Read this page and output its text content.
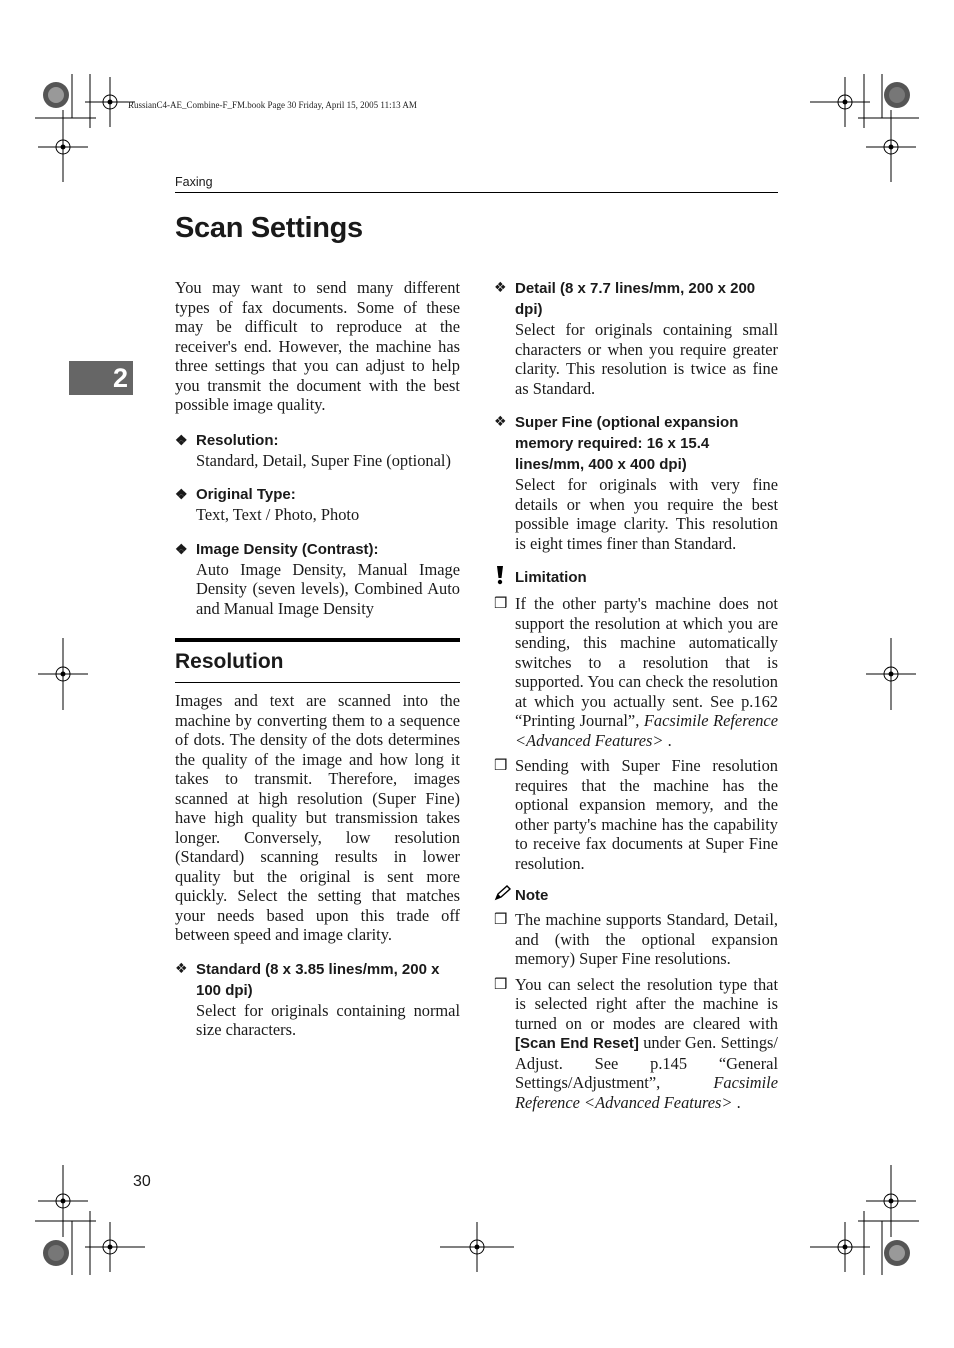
RussianC4-AE_Combine-F_FM.book Page 30 Friday, April 15, 2005 11:13 AM
Faxing
Scan Settings
2

You may want to send many different types of fax documents. Some of these may be difficult to reproduce at the receiver's end. However, the machine has three settings that you can adjust to help you transmit the document with the best possible image quality.

❖ Resolution:

Standard, Detail, Super Fine (optional)

❖ Original Type:

Text, Text / Photo, Photo

❖ Image Density (Contrast):

Auto Image Density, Manual Image Density (seven levels), Combined Auto and Manual Image Density

Resolution

Images and text are scanned into the machine by converting them to a sequence of dots. The density of the dots determines the quality of the image and how long it takes to transmit. Therefore, images scanned at high resolution (Super Fine) have high quality but transmission takes longer. Conversely, low resolution (Standard) scanning results in lower quality but the original is sent more quickly. Select the setting that matches your needs based upon this trade off between speed and image clarity.

❖ Standard (8 x 3.85 lines/mm, 200 x 100 dpi)

Select for originals containing normal size characters.

❖ Detail (8 x 7.7 lines/mm, 200 x 200 dpi)

Select for originals containing small characters or when you require greater clarity. This resolution is twice as fine as Standard.

❖ Super Fine (optional expansion memory required: 16 x 15.4 lines/mm, 400 x 400 dpi)

Select for originals with very fine details or when you require the best possible image clarity. This resolution is eight times finer than Standard.

Limitation
❒ If the other party's machine does not support the resolution at which you are sending, this machine automatically switches to a resolution that is supported. You can check the resolution at which you actually sent. See p.162 “Printing Journal”, Facsimile Reference <Advanced Features> .

❒ Sending with Super Fine resolution requires that the machine has the optional expansion memory, and the other party's machine has the capability to receive fax documents at Super Fine resolution.

Note
❒ The machine supports Standard, Detail, and (with the optional expansion memory) Super Fine resolutions.

❒ You can select the resolution type that is selected right after the machine is turned on or modes are cleared with [Scan End Reset] under Gen. Settings/ Adjust. See p.145 “General Settings/Adjustment”,	Facsimile Reference <Advanced Features> .

30
